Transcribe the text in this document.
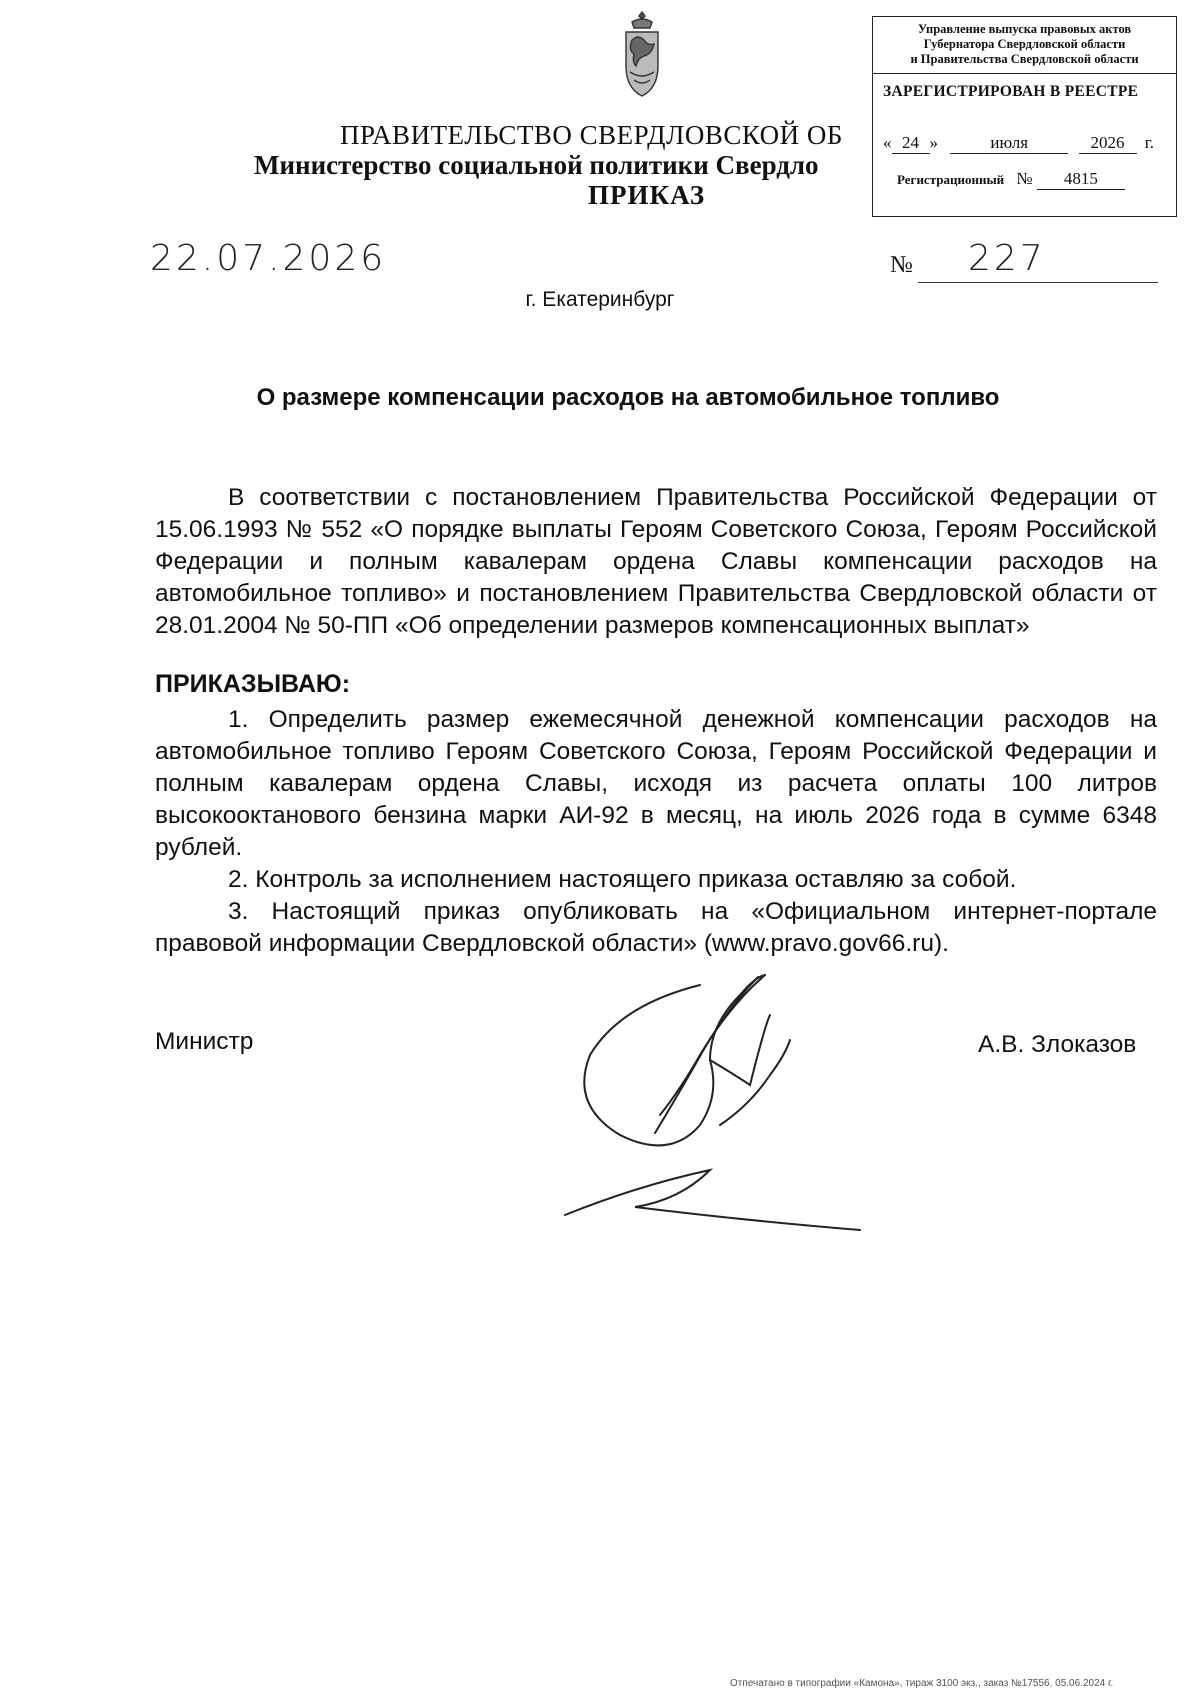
ПРАВИТЕЛЬСТВО СВЕРДЛОВСКОЙ ОБ
Министерство социальной политики Свердло
ПРИКАЗ
Управление выпуска правовых актов
Губернатора Свердловской области
и Правительства Свердловской области
ЗАРЕГИСТРИРОВАН В РЕЕСТРЕ
« 24 »	июля	2026 г.
Регистрационный № 4815
22.07.2026	№ 227
г. Екатеринбург
О размере компенсации расходов на автомобильное топливо

В соответствии с постановлением Правительства Российской Федерации от 15.06.1993 № 552 «О порядке выплаты Героям Советского Союза, Героям Российской Федерации и полным кавалерам ордена Славы компенсации расходов на автомобильное топливо» и постановлением Правительства Свердловской области от 28.01.2004 № 50-ПП «Об определении размеров компенсационных выплат»

ПРИКАЗЫВАЮ:

1. Определить размер ежемесячной денежной компенсации расходов на автомобильное топливо Героям Советского Союза, Героям Российской Федерации и полным кавалерам ордена Славы, исходя из расчета оплаты 100 литров высокооктанового бензина марки АИ-92 в месяц, на июль 2026 года в сумме 6348 рублей.

2. Контроль за исполнением настоящего приказа оставляю за собой.

3. Настоящий приказ опубликовать на «Официальном интернет-портале правовой информации Свердловской области» (www.pravo.gov66.ru).

Министр	А.В. Злоказов
Отпечатано в типографии «Камона», тираж 3100 экз., заказ №17556, 05.06.2024 г.
